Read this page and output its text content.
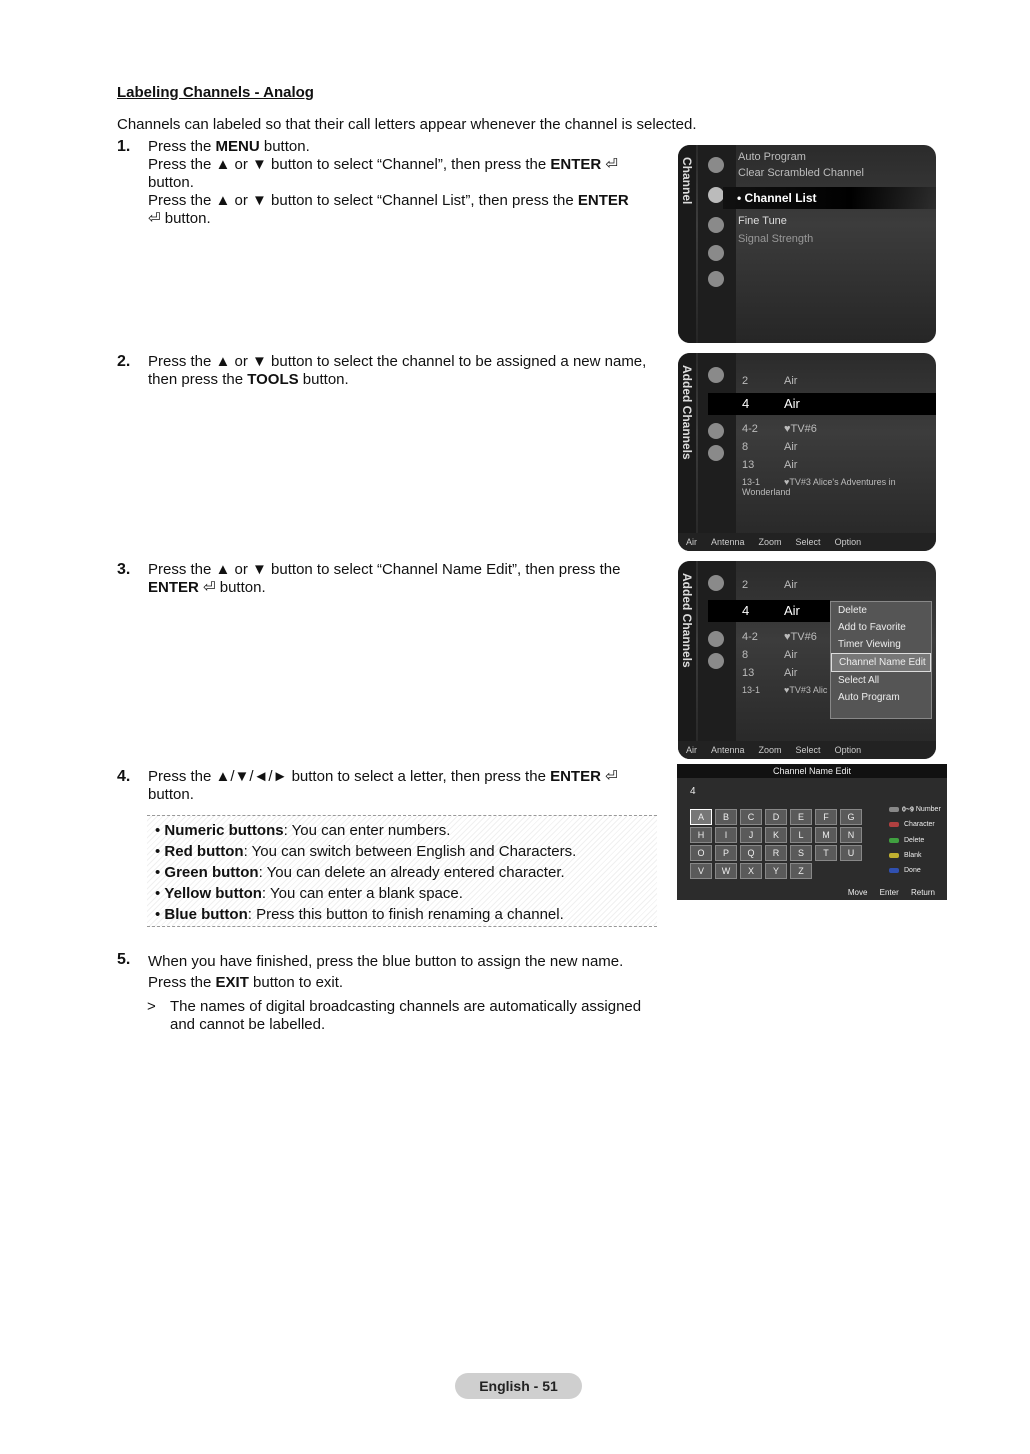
Labeling Channels - Analog
Channels can labeled so that their call letters appear whenever the channel is selected.
1. Press the MENU button.

Press the ▲ or ▼ button to select “Channel”, then press the ENTER ⏎ button.

Press the ▲ or ▼ button to select “Channel List”, then press the ENTER ⏎ button.

2. Press the ▲ or ▼ button to select the channel to be assigned a new name, then press the TOOLS button.

3. Press the ▲ or ▼ button to select “Channel Name Edit”, then press the ENTER ⏎ button.

4. Press the ▲/▼/◄/► button to select a letter, then press the ENTER ⏎ button.

• Numeric buttons: You can enter numbers.
• Red button: You can switch between English and Characters.
• Green button: You can delete an already entered character.
• Yellow button: You can enter a blank space.
• Blue button: Press this button to finish renaming a channel.
5. When you have finished, press the blue button to assign the new name.

Press the EXIT button to exit.

> The names of digital broadcasting channels are automatically assigned and cannot be labelled.
Channel	Auto Program
Clear Scrambled Channel
• Channel List
Fine Tune
Signal Strength
Added Channels	2	Air
4	Air
4-2 ♥TV#6
8	Air
13	Air
13-1	♥TV#3 Alice's Adventures in Wonderland
Air Antenna Zoom Select Option
Added Channels	2	Air
4	Air
4-2 ♥TV#6
8	Air
13	Air
13-1	♥TV#3 Alic
Delete
Add to Favorite
Timer Viewing
Channel Name Edit
Select All
Auto Program
Air Antenna Zoom Select Option
Channel Name Edit
4
A B C D E F G
H I J K L M N
O P Q R S T U
V W X Y Z
0~9 Number
Character
Delete
Blank
Done
Move Enter Return
English - 51
